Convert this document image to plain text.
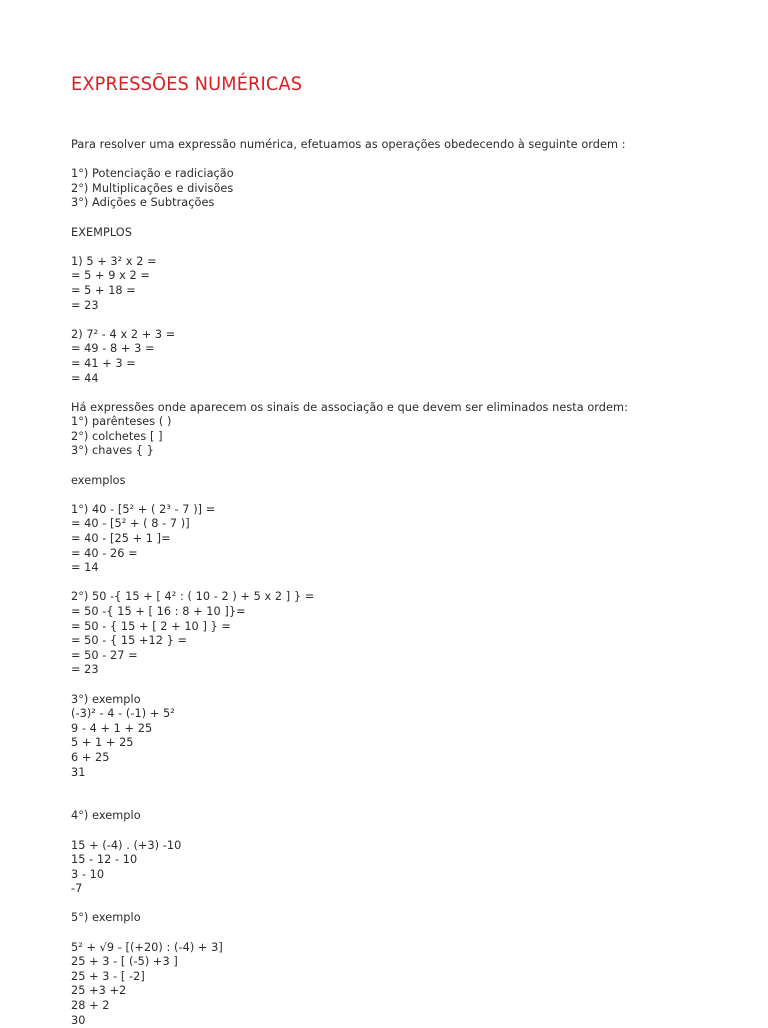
EXPRESSÕES NUMÉRICAS
Para resolver uma expressão numérica, efetuamos as operações obedecendo à seguinte ordem :
1°) Potenciação e radiciação
2°) Multiplicações e divisões
3°) Adições e Subtrações
EXEMPLOS
1) 5 + 3² x 2 =
= 5 + 9 x 2 =
= 5 + 18 =
= 23
2) 7² - 4 x 2 + 3 =
= 49 - 8 + 3 =
= 41 + 3 =
= 44
Há expressões onde aparecem os sinais de associação e que devem ser eliminados nesta ordem:
1°) parênteses ( )
2°) colchetes [ ]
3°) chaves { }
exemplos
1°) 40 - [5² + ( 2³ - 7 )] =
= 40 - [5² + ( 8 - 7 )]
= 40 - [25 + 1 ]=
= 40 - 26 =
= 14
2°) 50 -{ 15 + [ 4² : ( 10 - 2 ) + 5 x 2 ] } =
= 50 -{ 15 + [ 16 : 8 + 10 ]}=
= 50 - { 15 + [ 2 + 10 ] } =
= 50 - { 15 +12 } =
= 50 - 27 =
= 23
3°) exemplo
(-3)² - 4 - (-1) + 5²
9 - 4 + 1 + 25
5 + 1 + 25
6 + 25
31
4°) exemplo
15 + (-4) . (+3) -10
15 - 12 - 10
3 - 10
-7
5°) exemplo
5² + √9 - [(+20) : (-4) + 3]
25 + 3 - [ (-5) +3 ]
25 + 3 - [ -2]
25 +3 +2
28 + 2
30
